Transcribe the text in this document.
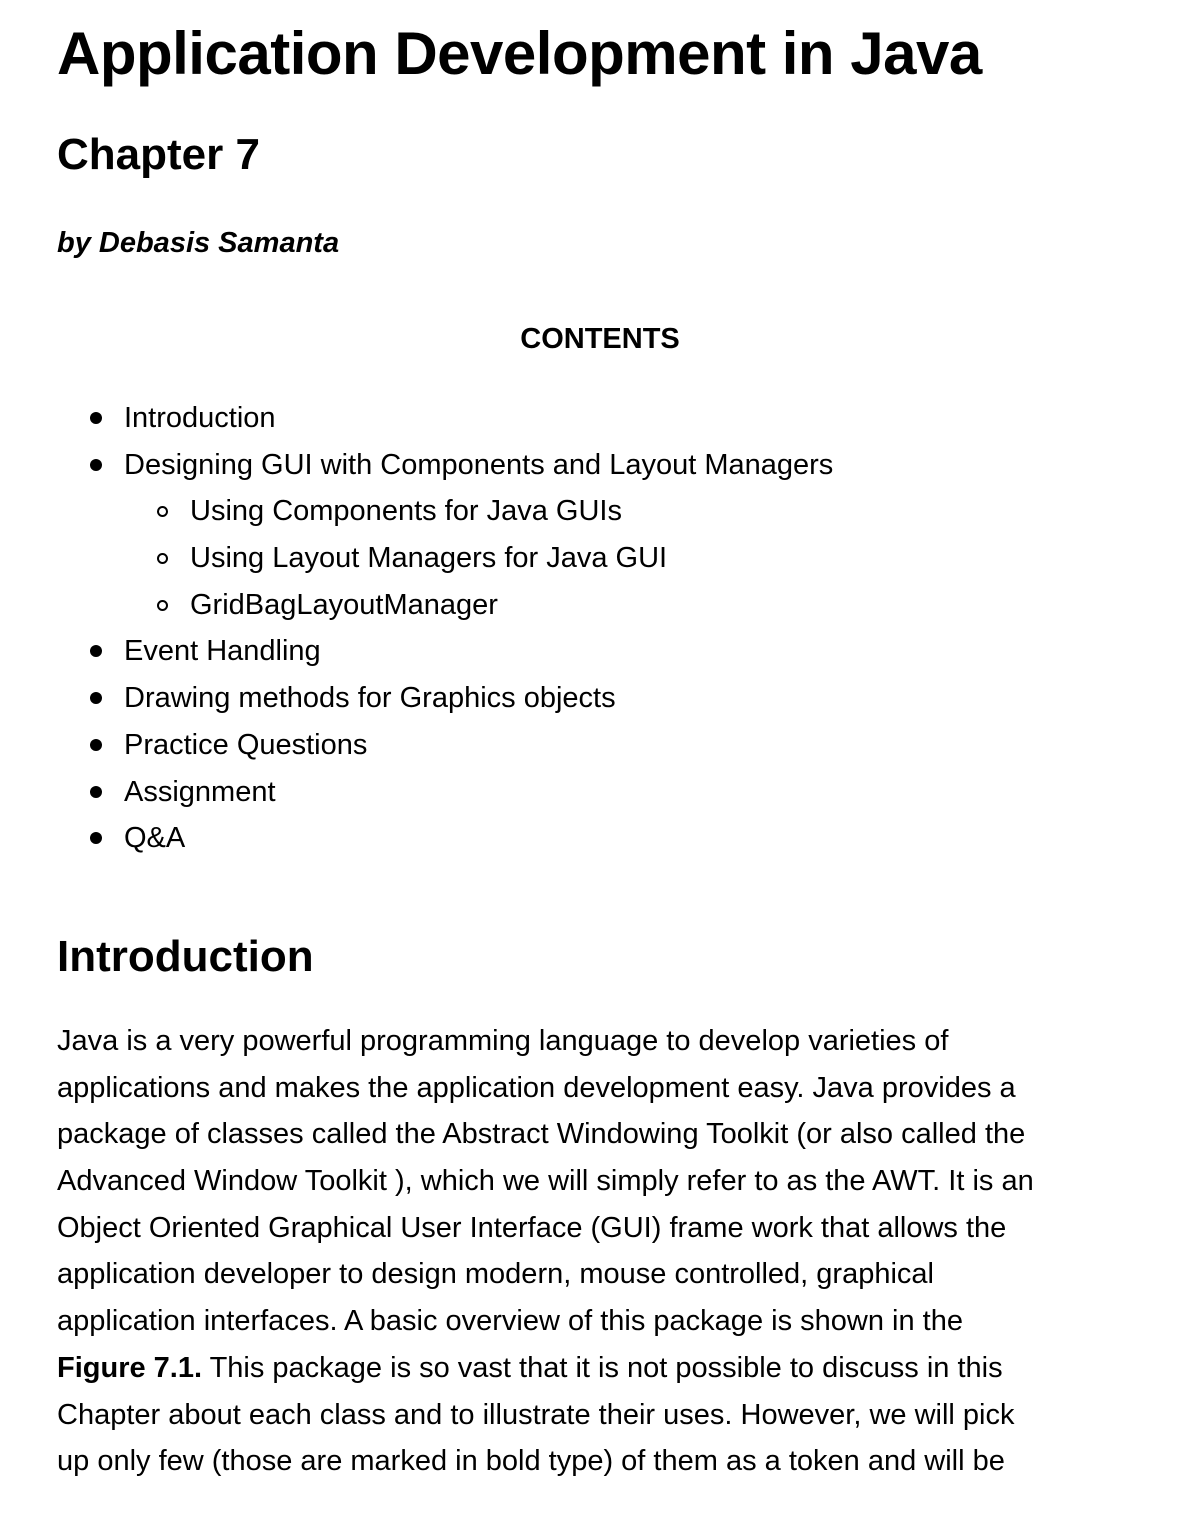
Application Development in Java
Chapter 7

by Debasis Samanta

CONTENTS

Introduction
Designing GUI with Components and Layout Managers
Using Components for Java GUIs
Using Layout Managers for Java GUI
GridBagLayoutManager
Event Handling
Drawing methods for Graphics objects
Practice Questions
Assignment
Q&A
Introduction
Java is a very powerful programming language to develop varieties of
applications and makes the application development easy. Java provides a
package of classes called the Abstract Windowing Toolkit (or also called the
Advanced Window Toolkit ), which we will simply refer to as the AWT. It is an
Object Oriented Graphical User Interface (GUI) frame work that allows the
application developer to design modern, mouse controlled, graphical
application interfaces. A basic overview of this package is shown in the
Figure 7.1. This package is so vast that it is not possible to discuss in this
Chapter about each class and to illustrate their uses. However, we will pick
up only few (those are marked in bold type) of them as a token and will be
